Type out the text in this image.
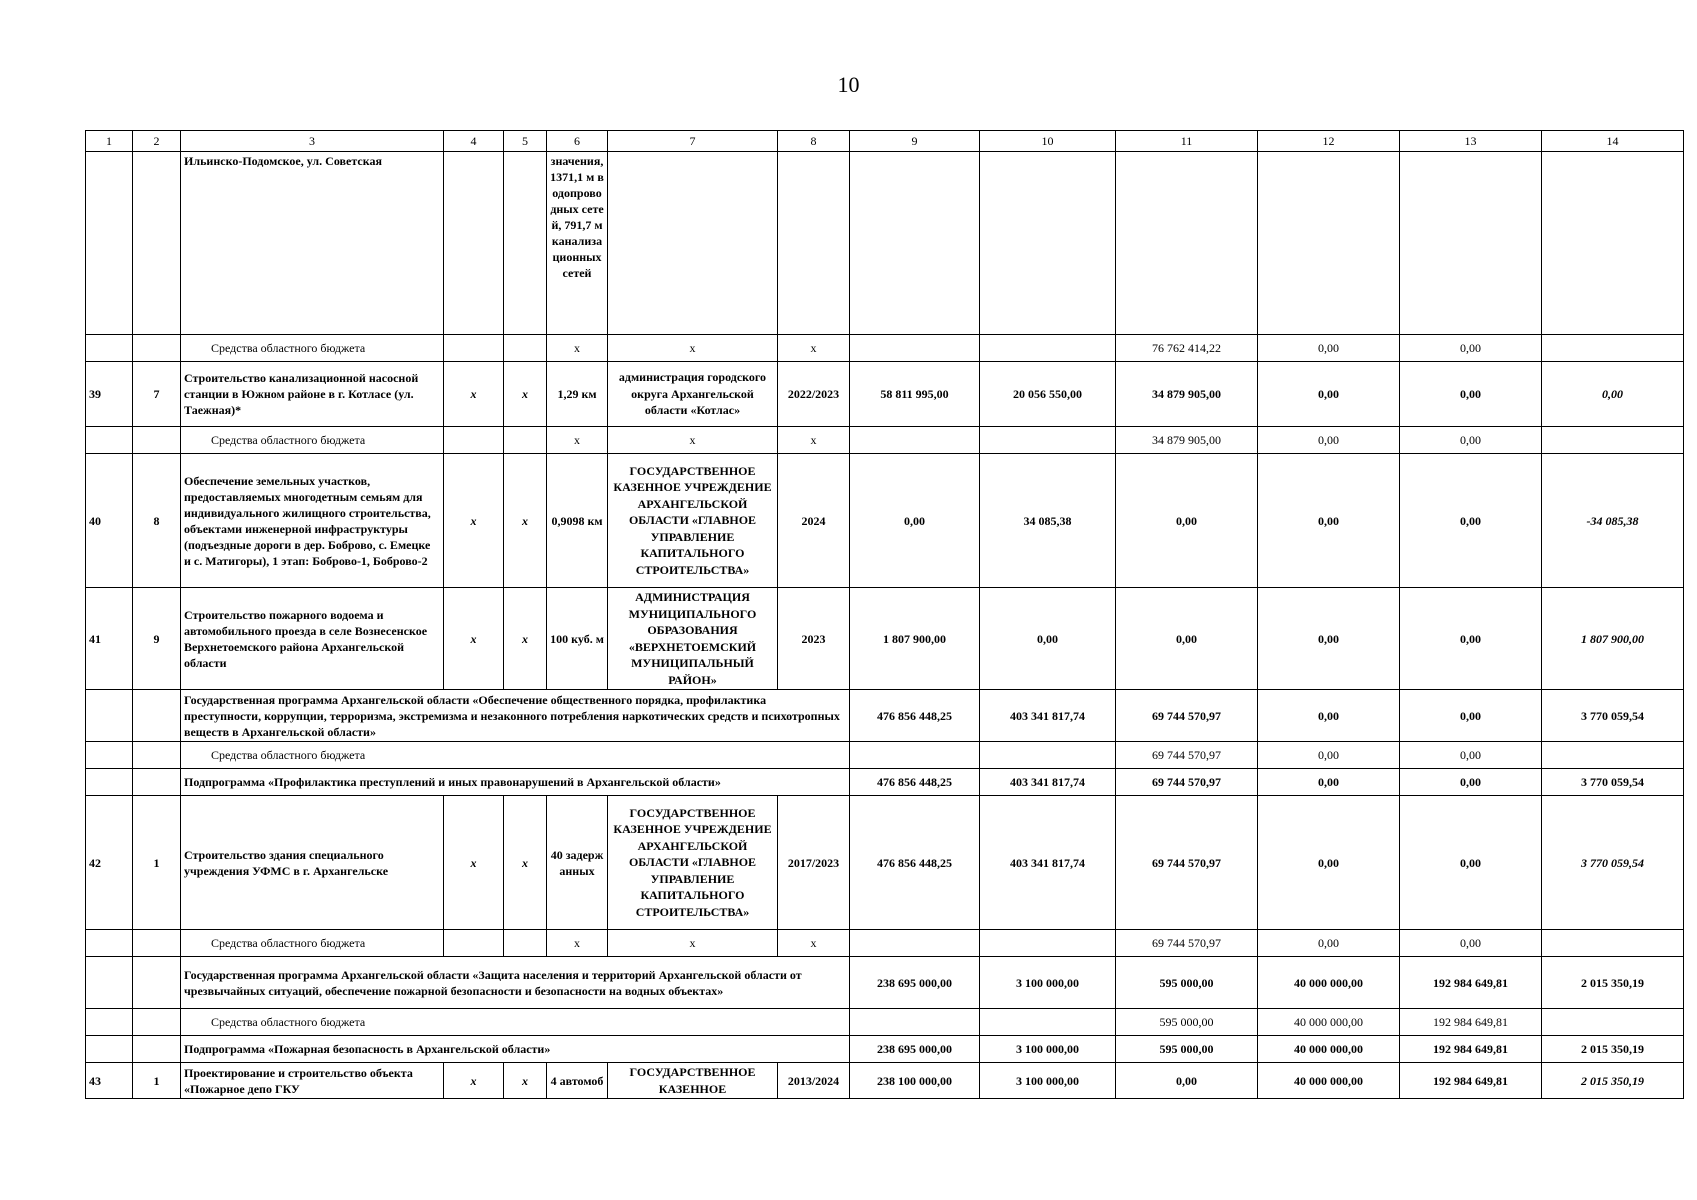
10
1	2	3	4	5	6	7	8	9	10	11	12	13	14
		Ильинско-Подомское, ул. Советская			значения, 1371,1 м водопроводных сетей, 791,7 м канализационных сетей								
		Средства областного бюджета			х	х	х			76 762 414,22	0,00	0,00	
39	7	Строительство канализационной насосной станции в Южном районе в г. Котласе (ул. Таежная)*	х	х	1,29 км	администрация городского округа Архангельской области «Котлас»	2022/2023	58 811 995,00	20 056 550,00	34 879 905,00	0,00	0,00	0,00
		Средства областного бюджета			х	х	х			34 879 905,00	0,00	0,00	
40	8	Обеспечение земельных участков, предоставляемых многодетным семьям для индивидуального жилищного строительства, объектами инженерной инфраструктуры (подъездные дороги в дер. Боброво, с. Емецке и с. Матигоры), 1 этап: Боброво-1, Боброво-2	х	х	0,9098 км	ГОСУДАРСТВЕННОЕ КАЗЕННОЕ УЧРЕЖДЕНИЕ АРХАНГЕЛЬСКОЙ ОБЛАСТИ «ГЛАВНОЕ УПРАВЛЕНИЕ КАПИТАЛЬНОГО СТРОИТЕЛЬСТВА»	2024	0,00	34 085,38	0,00	0,00	0,00	-34 085,38
41	9	Строительство пожарного водоема и автомобильного проезда в селе Вознесенское Верхнетоемского района Архангельской области	х	х	100 куб. м	АДМИНИСТРАЦИЯ МУНИЦИПАЛЬНОГО ОБРАЗОВАНИЯ «ВЕРХНЕТОЕМСКИЙ МУНИЦИПАЛЬНЫЙ РАЙОН»	2023	1 807 900,00	0,00	0,00	0,00	0,00	1 807 900,00
		Государственная программа Архангельской области «Обеспечение общественного порядка, профилактика преступности, коррупции, терроризма, экстремизма и незаконного потребления наркотических средств и психотропных веществ в Архангельской области»						476 856 448,25	403 341 817,74	69 744 570,97	0,00	0,00	3 770 059,54
		Средства областного бюджета								69 744 570,97	0,00	0,00	
		Подпрограмма «Профилактика преступлений и иных правонарушений в Архангельской области»						476 856 448,25	403 341 817,74	69 744 570,97	0,00	0,00	3 770 059,54
42	1	Строительство здания специального учреждения УФМС в г. Архангельске	х	х	40 задержанных	ГОСУДАРСТВЕННОЕ КАЗЕННОЕ УЧРЕЖДЕНИЕ АРХАНГЕЛЬСКОЙ ОБЛАСТИ «ГЛАВНОЕ УПРАВЛЕНИЕ КАПИТАЛЬНОГО СТРОИТЕЛЬСТВА»	2017/2023	476 856 448,25	403 341 817,74	69 744 570,97	0,00	0,00	3 770 059,54
		Средства областного бюджета			х	х	х			69 744 570,97	0,00	0,00	
		Государственная программа Архангельской области «Защита населения и территорий Архангельской области от чрезвычайных ситуаций, обеспечение пожарной безопасности и безопасности на водных объектах»						238 695 000,00	3 100 000,00	595 000,00	40 000 000,00	192 984 649,81	2 015 350,19
		Средства областного бюджета								595 000,00	40 000 000,00	192 984 649,81	
		Подпрограмма «Пожарная безопасность в Архангельской области»						238 695 000,00	3 100 000,00	595 000,00	40 000 000,00	192 984 649,81	2 015 350,19
43	1	Проектирование и строительство объекта «Пожарное депо ГКУ	х	х	4 автомоб	ГОСУДАРСТВЕННОЕ КАЗЕННОЕ	2013/2024	238 100 000,00	3 100 000,00	0,00	40 000 000,00	192 984 649,81	2 015 350,19
